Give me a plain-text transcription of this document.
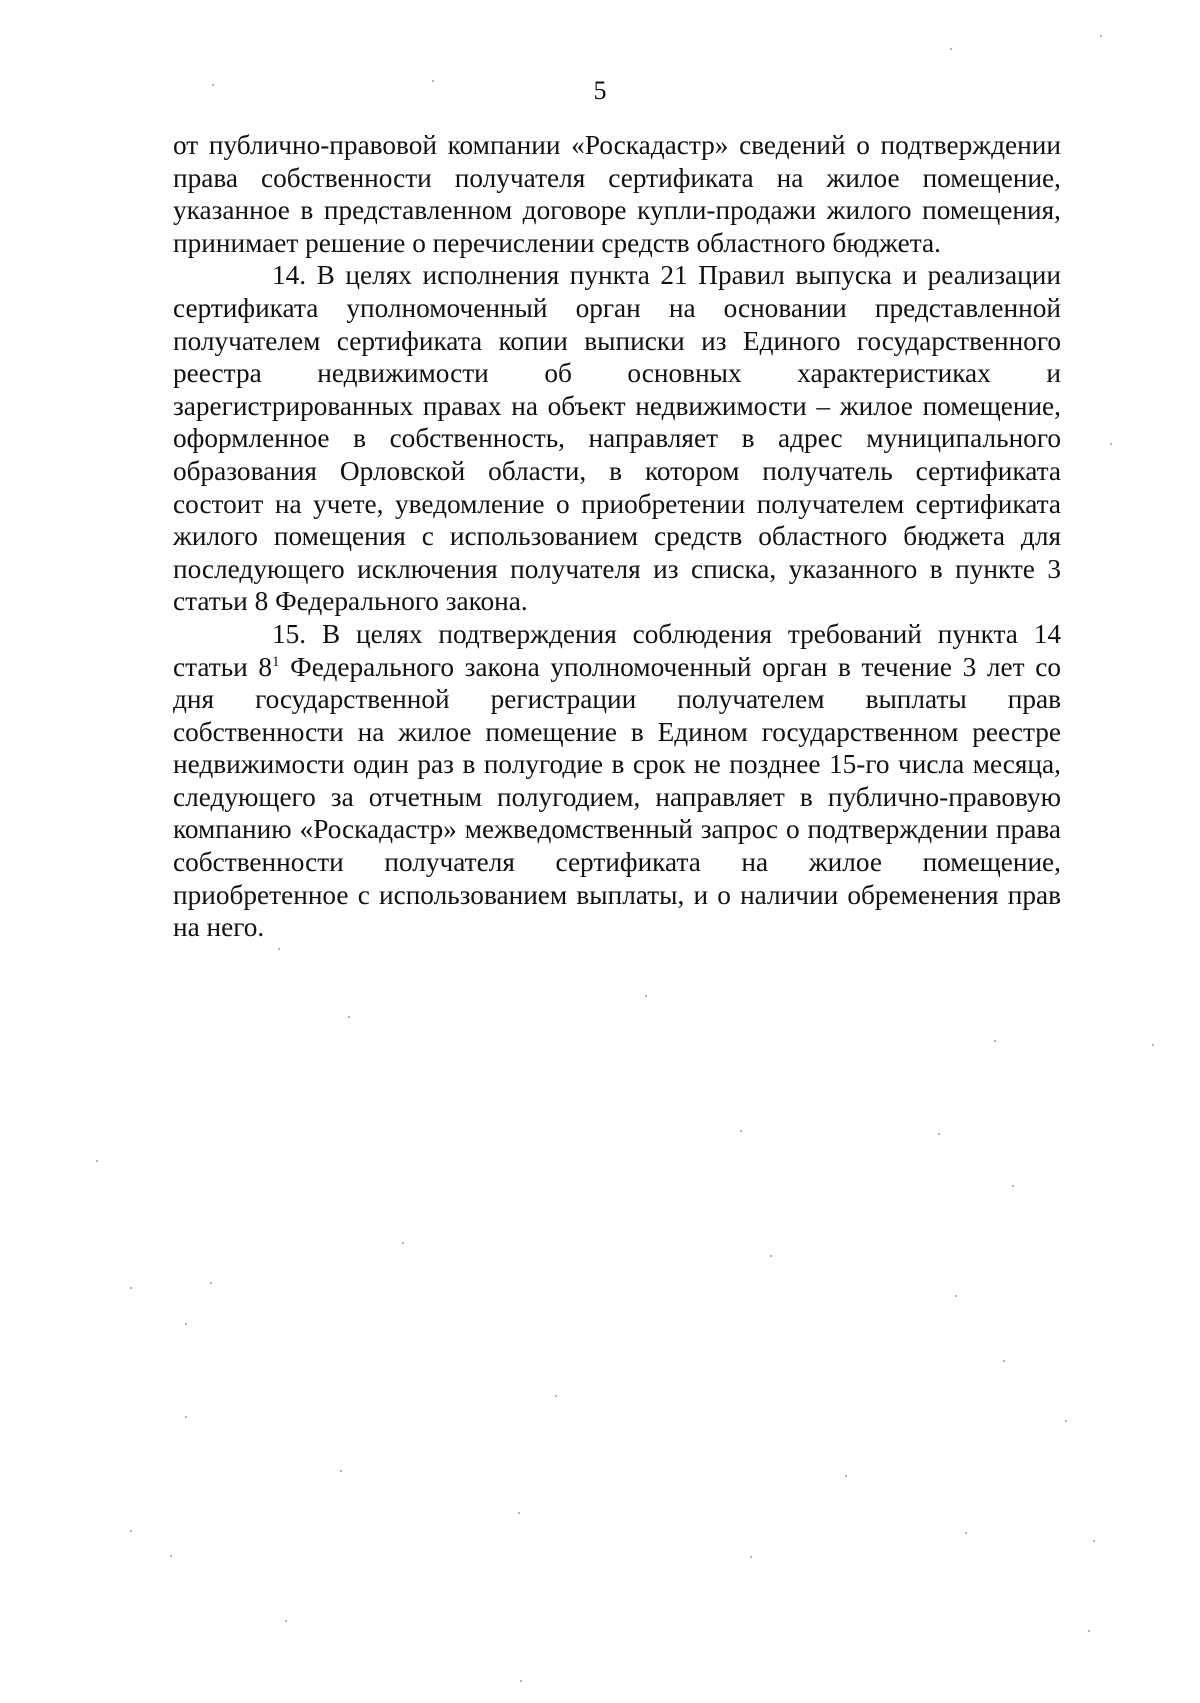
5

от публично-правовой компании «Роскадастр» сведений о подтверждении права собственности получателя сертификата на жилое помещение, указанное в представленном договоре купли-продажи жилого помещения, принимает решение о перечислении средств областного бюджета.

14. В целях исполнения пункта 21 Правил выпуска и реализации сертификата уполномоченный орган на основании представленной получателем сертификата копии выписки из Единого государственного реестра недвижимости об основных характеристиках и зарегистрированных правах на объект недвижимости – жилое помещение, оформленное в собственность, направляет в адрес муниципального образования Орловской области, в котором получатель сертификата состоит на учете, уведомление о приобретении получателем сертификата жилого помещения с использованием средств областного бюджета для последующего исключения получателя из списка, указанного в пункте 3 статьи 8 Федерального закона.

15. В целях подтверждения соблюдения требований пункта 14 статьи $8^1$ Федерального закона уполномоченный орган в течение 3 лет со дня государственной регистрации получателем выплаты прав собственности на жилое помещение в Едином государственном реестре недвижимости один раз в полугодие в срок не позднее 15-го числа месяца, следующего за отчетным полугодием, направляет в публично-правовую компанию «Роскадастр» межведомственный запрос о подтверждении права собственности получателя сертификата на жилое помещение, приобретенное с использованием выплаты, и о наличии обременения прав на него.
